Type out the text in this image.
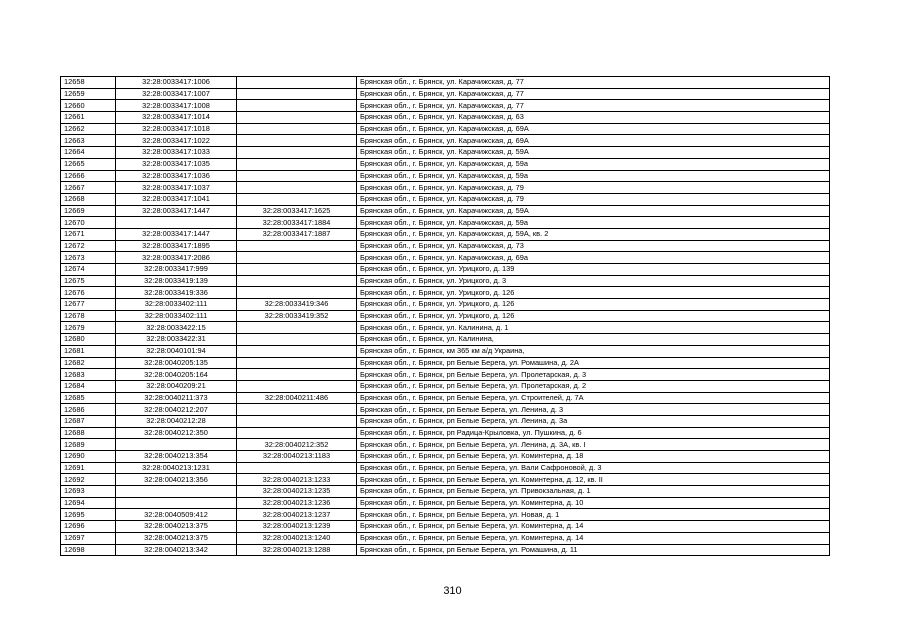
12658	32:28:0033417:1006		Брянская обл., г. Брянск, ул. Карачижская, д. 77
12659	32:28:0033417:1007		Брянская обл., г. Брянск, ул. Карачижская, д. 77
12660	32:28:0033417:1008		Брянская обл., г. Брянск, ул. Карачижская, д. 77
12661	32:28:0033417:1014		Брянская обл., г. Брянск, ул. Карачижская, д. 63
12662	32:28:0033417:1018		Брянская обл., г. Брянск, ул. Карачижская, д. 69А
12663	32:28:0033417:1022		Брянская обл., г. Брянск, ул. Карачижская, д. 69А
12664	32:28:0033417:1033		Брянская обл., г. Брянск, ул. Карачижская, д. 59А
12665	32:28:0033417:1035		Брянская обл., г. Брянск, ул. Карачижская, д. 59а
12666	32:28:0033417:1036		Брянская обл., г. Брянск, ул. Карачижская, д. 59а
12667	32:28:0033417:1037		Брянская обл., г. Брянск, ул. Карачижская, д. 79
12668	32:28:0033417:1041		Брянская обл., г. Брянск, ул. Карачижская, д. 79
12669	32:28:0033417:1447	32:28:0033417:1625	Брянская обл., г. Брянск, ул. Карачижская, д. 59А
12670		32:28:0033417:1884	Брянская обл., г. Брянск, ул. Карачижская, д. 59а
12671	32:28:0033417:1447	32:28:0033417:1887	Брянская обл., г. Брянск, ул. Карачижская, д. 59А, кв. 2
12672	32:28:0033417:1895		Брянская обл., г. Брянск, ул. Карачижская, д. 73
12673	32:28:0033417:2086		Брянская обл., г. Брянск, ул. Карачижская, д. 69а
12674	32:28:0033417:999		Брянская обл., г. Брянск, ул. Урицкого, д. 139
12675	32:28:0033419:139		Брянская обл., г. Брянск, ул. Урицкого, д. 3
12676	32:28:0033419:336		Брянская обл., г. Брянск, ул. Урицкого, д. 126
12677	32:28:0033402:111	32:28:0033419:346	Брянская обл., г. Брянск, ул. Урицкого, д. 126
12678	32:28:0033402:111	32:28:0033419:352	Брянская обл., г. Брянск, ул. Урицкого, д. 126
12679	32:28:0033422:15		Брянская обл., г. Брянск, ул. Калинина, д. 1
12680	32:28:0033422:31		Брянская обл., г. Брянск, ул. Калинина,
12681	32:28:0040101:94		Брянская обл., г. Брянск, км 365 км а/д Украина,
12682	32:28:0040205:135		Брянская обл., г. Брянск, рп Белые Берега, ул. Ромашина, д. 2А
12683	32:28:0040205:164		Брянская обл., г. Брянск, рп Белые Берега, ул. Пролетарская, д. 3
12684	32:28:0040209:21		Брянская обл., г. Брянск, рп Белые Берега, ул. Пролетарская, д. 2
12685	32:28:0040211:373	32:28:0040211:486	Брянская обл., г. Брянск, рп Белые Берега, ул. Строителей, д. 7А
12686	32:28:0040212:207		Брянская обл., г. Брянск, рп Белые Берега, ул. Ленина, д. 3
12687	32:28:0040212:28		Брянская обл., г. Брянск, рп Белые Берега, ул. Ленина, д. 3а
12688	32:28:0040212:350		Брянская обл., г. Брянск, рп Радица-Крыловка, ул. Пушкина, д. 6
12689		32:28:0040212:352	Брянская обл., г. Брянск, рп Белые Берега, ул. Ленина, д. 3А, кв. I
12690	32:28:0040213:354	32:28:0040213:1183	Брянская обл., г. Брянск, рп Белые Берега, ул. Коминтерна, д. 18
12691	32:28:0040213:1231		Брянская обл., г. Брянск, рп Белые Берега, ул. Вали Сафроновой, д. 3
12692	32:28:0040213:356	32:28:0040213:1233	Брянская обл., г. Брянск, рп Белые Берега, ул. Коминтерна, д. 12, кв. II
12693		32:28:0040213:1235	Брянская обл., г. Брянск, рп Белые Берега, ул. Привокзальная, д. 1
12694		32:28:0040213:1236	Брянская обл., г. Брянск, рп Белые Берега, ул. Коминтерна, д. 10
12695	32:28:0040509:412	32:28:0040213:1237	Брянская обл., г. Брянск, рп Белые Берега, ул. Новая, д. 1
12696	32:28:0040213:375	32:28:0040213:1239	Брянская обл., г. Брянск, рп Белые Берега, ул. Коминтерна, д. 14
12697	32:28:0040213:375	32:28:0040213:1240	Брянская обл., г. Брянск, рп Белые Берега, ул. Коминтерна, д. 14
12698	32:28:0040213:342	32:28:0040213:1288	Брянская обл., г. Брянск, рп Белые Берега, ул. Ромашина, д. 11
310
